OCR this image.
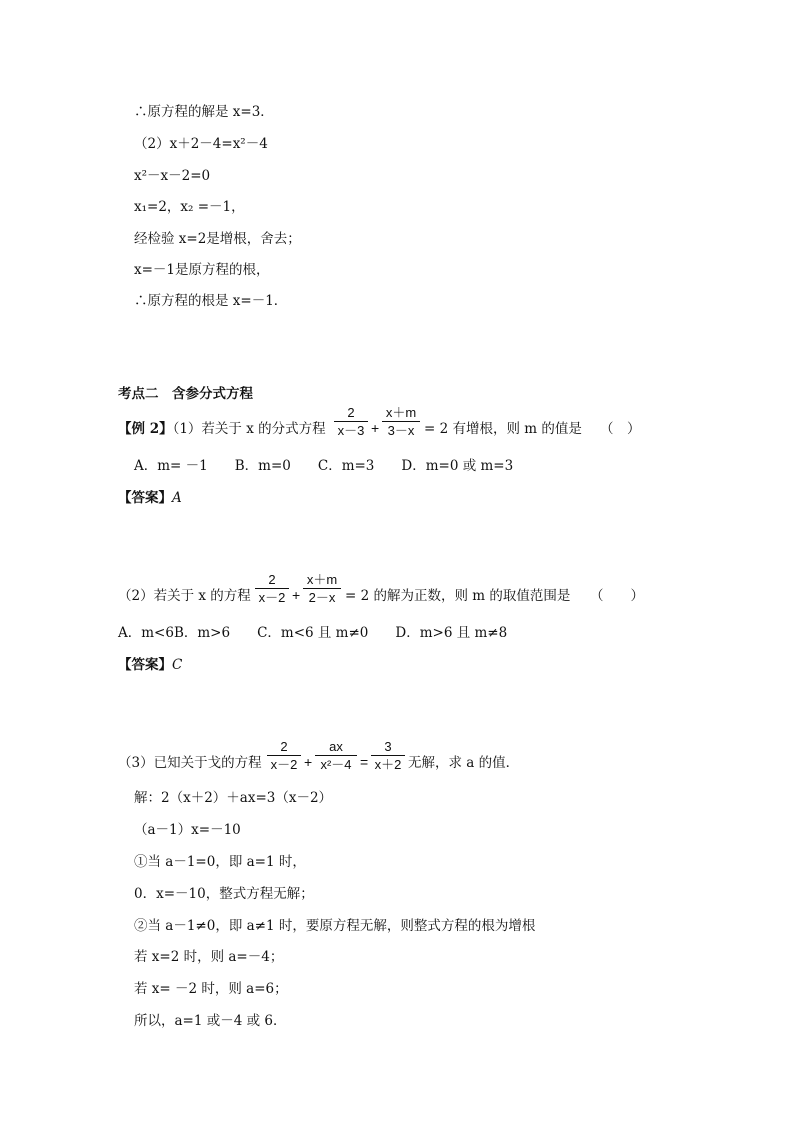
∴原方程的解是 x=3．
（2）x＋2－4=x²－4
x²－x－2=0
x₁=2，x₂ =－1，
经检验 x=2是增根，舍去；
x=－1是原方程的根，
∴原方程的根是 x=－1．
考点二　含参分式方程
【例 2】（1）若关于 x 的分式方程
2
x－3 +
x＋m
3－x = 2 有增根，则 m 的值是 （　）
A．m= －1　　B．m=0　　C．m=3　　D．m=0 或 m=3
【答案】A
（2）若关于 x 的方程
2
x－2 +
x＋m
2－x = 2 的解为正数，则 m 的取值范围是 （　　）
A．m<6B．m>6　　C．m<6 且 m≠0　　D．m>6 且 m≠8
【答案】C
（3）已知关于戈的方程
2
x－2 +
ax
x²－4 =
3
x＋2 无解，求 a 的值．
解：2（x＋2）＋ax=3（x－2）
（a－1）x=－10
①当 a－1=0，即 a=1 时，
0．x=－10，整式方程无解；
②当 a－1≠0，即 a≠1 时，要原方程无解，则整式方程的根为增根
若 x=2 时，则 a=－4；
若 x= －2 时，则 a=6；
所以，a=1 或－4 或 6．
